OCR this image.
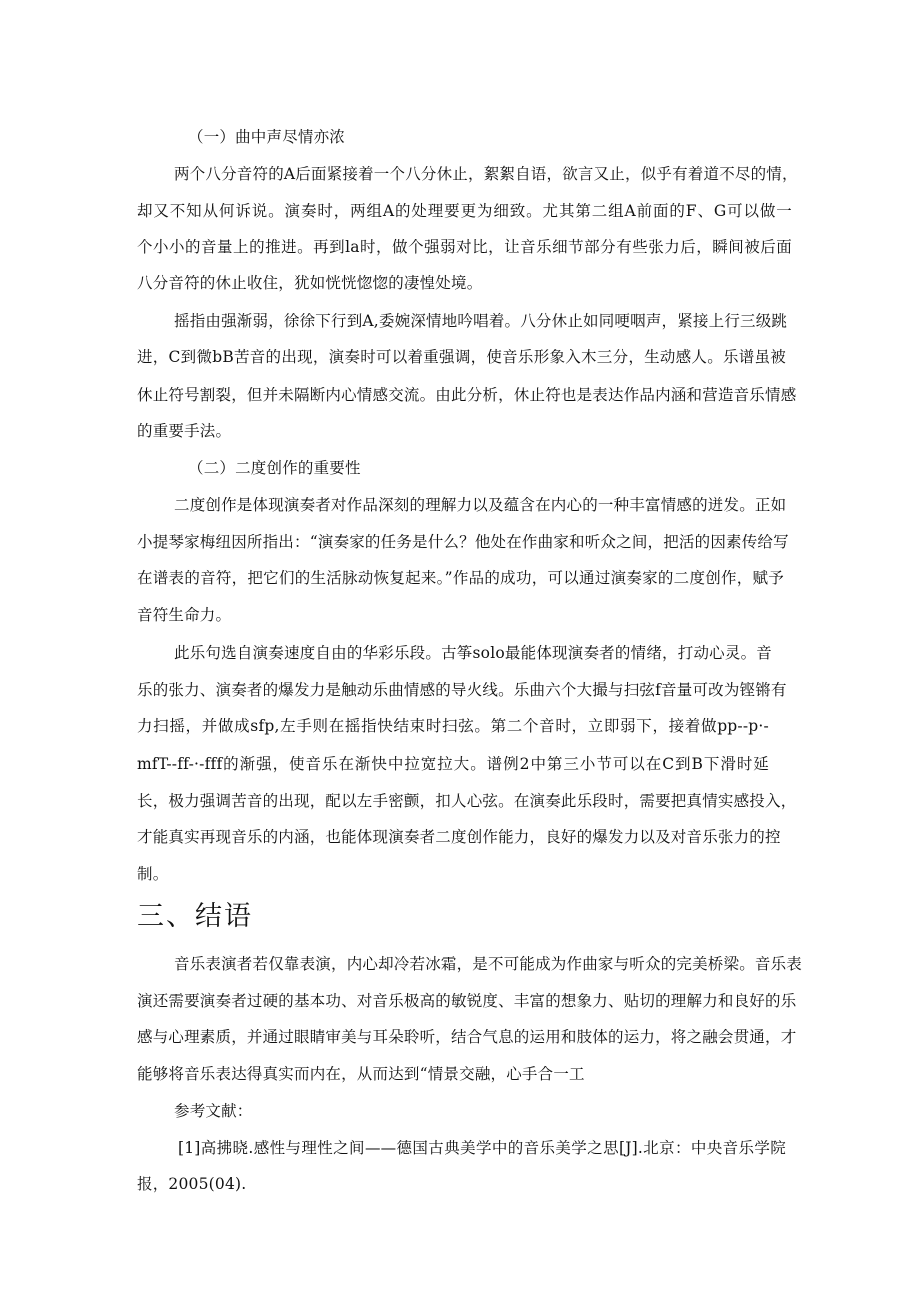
（一）曲中声尽情亦浓
两个八分音符的A后面紧接着一个八分休止，絮絮自语，欲言又止，似乎有着道不尽的情，
却又不知从何诉说。演奏时，两组A的处理要更为细致。尤其第二组A前面的F、G可以做一
个小小的音量上的推进。再到la时，做个强弱对比，让音乐细节部分有些张力后，瞬间被后面
八分音符的休止收住，犹如恍恍惚惚的凄惶处境。
摇指由强渐弱，徐徐下行到A,委婉深情地吟唱着。八分休止如同哽咽声，紧接上行三级跳
进，C到微bB苦音的出现，演奏时可以着重强调，使音乐形象入木三分，生动感人。乐谱虽被
休止符号割裂，但并未隔断内心情感交流。由此分析，休止符也是表达作品内涵和营造音乐情感
的重要手法。
（二）二度创作的重要性
二度创作是体现演奏者对作品深刻的理解力以及蕴含在内心的一种丰富情感的迸发。正如
小提琴家梅纽因所指出：“演奏家的任务是什么？他处在作曲家和听众之间，把活的因素传给写
在谱表的音符，把它们的生活脉动恢复起来。”作品的成功，可以通过演奏家的二度创作，赋予
音符生命力。
此乐句选自演奏速度自由的华彩乐段。古筝solo最能体现演奏者的情绪，打动心灵。音
乐的张力、演奏者的爆发力是触动乐曲情感的导火线。乐曲六个大撮与扫弦f音量可改为铿锵有
力扫摇，并做成sfp,左手则在摇指快结束时扫弦。第二个音时，立即弱下，接着做pp--p·-
mfT--ff-·-fff的渐强，使音乐在渐快中拉宽拉大。谱例2中第三小节可以在C到B下滑时延
长，极力强调苦音的出现，配以左手密颤，扣人心弦。在演奏此乐段时，需要把真情实感投入，
才能真实再现音乐的内涵，也能体现演奏者二度创作能力，良好的爆发力以及对音乐张力的控
制。
三、结语
音乐表演者若仅靠表演，内心却冷若冰霜，是不可能成为作曲家与听众的完美桥梁。音乐表
演还需要演奏者过硬的基本功、对音乐极高的敏锐度、丰富的想象力、贴切的理解力和良好的乐
感与心理素质，并通过眼睛审美与耳朵聆听，结合气息的运用和肢体的运力，将之融会贯通，才
能够将音乐表达得真实而内在，从而达到“情景交融，心手合一工
参考文献：
[1]高拂晓.感性与理性之间——德国古典美学中的音乐美学之思[J].北京：中央音乐学院
报，2005(04).
